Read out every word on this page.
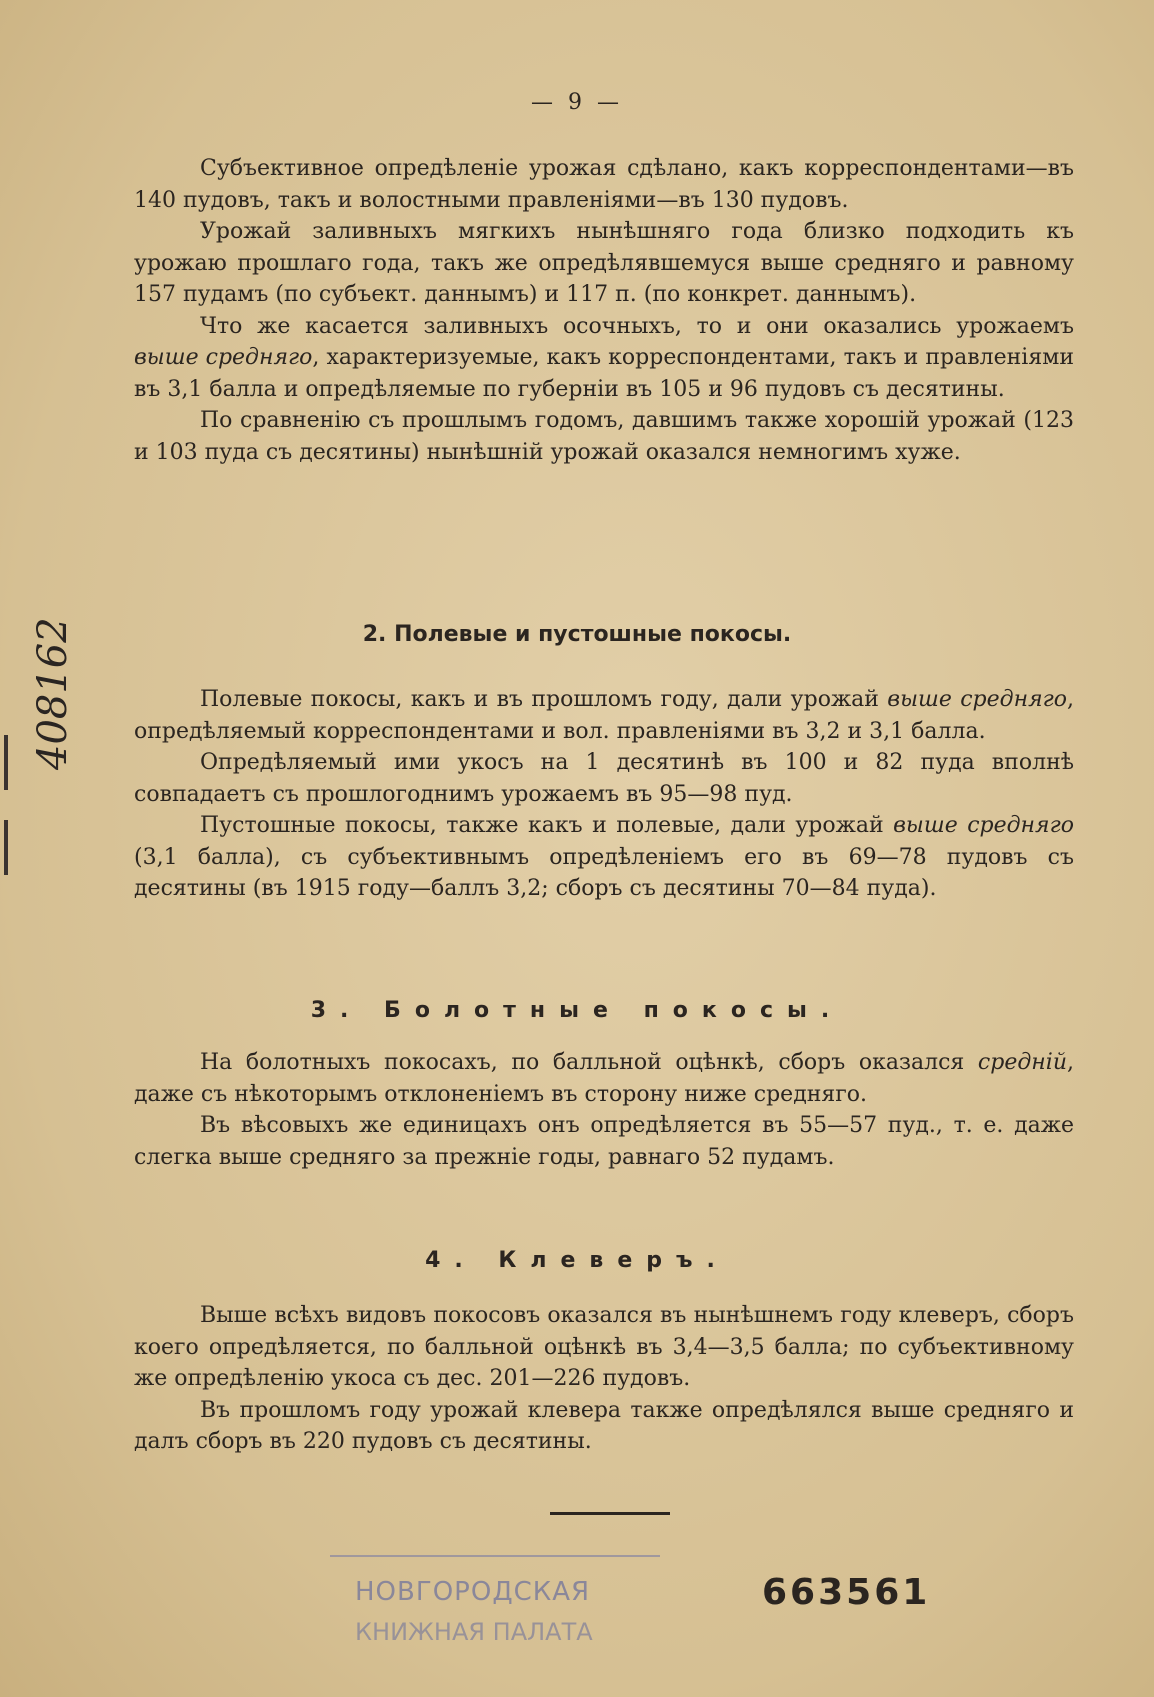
— 9 —
408162

Субъективное опредѣленіе урожая сдѣлано, какъ корреспондентами—въ 140 пудовъ, такъ и волостными правленіями—въ 130 пудовъ.

Урожай заливныхъ мягкихъ нынѣшняго года близко подходить къ урожаю прошлаго года, такъ же опредѣлявшемуся выше средняго и равному 157 пудамъ (по субъект. даннымъ) и 117 п. (по конкрет. даннымъ).

Что же касается заливныхъ осочныхъ, то и они оказались урожаемъ выше средняго, характеризуемые, какъ корреспондентами, такъ и правленіями въ 3,1 балла и опредѣляемые по губерніи въ 105 и 96 пудовъ съ десятины.

По сравненію съ прошлымъ годомъ, давшимъ также хорошій урожай (123 и 103 пуда съ десятины) нынѣшній урожай оказался немногимъ хуже.

2. Полевые и пустошные покосы.

Полевые покосы, какъ и въ прошломъ году, дали урожай выше средняго, опредѣляемый корреспондентами и вол. правленіями въ 3,2 и 3,1 балла.

Опредѣляемый ими укосъ на 1 десятинѣ въ 100 и 82 пуда вполнѣ совпадаетъ съ прошлогоднимъ урожаемъ въ 95—98 пуд.

Пустошные покосы, также какъ и полевые, дали урожай выше средняго (3,1 балла), съ субъективнымъ опредѣленіемъ его въ 69—78 пудовъ съ десятины (въ 1915 году—баллъ 3,2; сборъ съ десятины 70—84 пуда).

3. Болотные покосы.

На болотныхъ покосахъ, по балльной оцѣнкѣ, сборъ оказался средній, даже съ нѣкоторымъ отклоненіемъ въ сторону ниже средняго.

Въ вѣсовыхъ же единицахъ онъ опредѣляется въ 55—57 пуд., т. е. даже слегка выше средняго за прежніе годы, равнаго 52 пудамъ.

4. Клеверъ.

Выше всѣхъ видовъ покосовъ оказался въ нынѣшнемъ году клеверъ, сборъ коего опредѣляется, по балльной оцѣнкѣ въ 3,4—3,5 балла; по субъективному же опредѣленію укоса съ дес. 201—226 пудовъ.

Въ прошломъ году урожай клевера также опредѣлялся выше средняго и далъ сборъ въ 220 пудовъ съ десятины.

НОВГОРОДСКАЯ
КНИЖНАЯ ПАЛАТА
663561
